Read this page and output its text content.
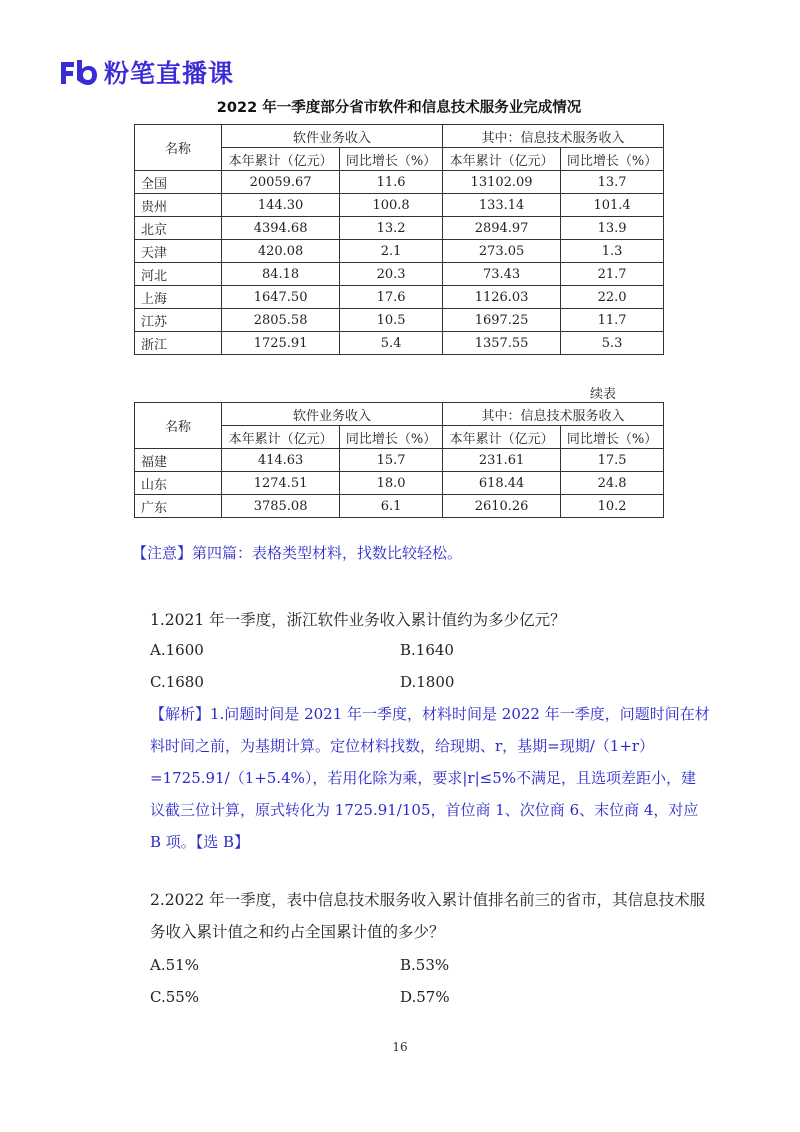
粉笔直播课
2022 年一季度部分省市软件和信息技术服务业完成情况
名称	软件业务收入		其中：信息技术服务收入	
	本年累计（亿元）	同比增长（%）	本年累计（亿元）	同比增长（%）
全国	20059.67	11.6	13102.09	13.7
贵州	144.30	100.8	133.14	101.4
北京	4394.68	13.2	2894.97	13.9
天津	420.08	2.1	273.05	1.3
河北	84.18	20.3	73.43	21.7
上海	1647.50	17.6	1126.03	22.0
江苏	2805.58	10.5	1697.25	11.7
浙江	1725.91	5.4	1357.55	5.3
续表
名称	软件业务收入		其中：信息技术服务收入	
	本年累计（亿元）	同比增长（%）	本年累计（亿元）	同比增长（%）
福建	414.63	15.7	231.61	17.5
山东	1274.51	18.0	618.44	24.8
广东	3785.08	6.1	2610.26	10.2
【注意】第四篇：表格类型材料，找数比较轻松。
1.2021 年一季度，浙江软件业务收入累计值约为多少亿元？
A.1600	B.1640
C.1680	D.1800
【解析】1.问题时间是 2021 年一季度，材料时间是 2022 年一季度，问题时间在材料时间之前，为基期计算。定位材料找数，给现期、r，基期=现期/（1+r）=1725.91/（1+5.4%），若用化除为乘，要求|r|≤5%不满足，且选项差距小，建议截三位计算，原式转化为 1725.91/105，首位商 1、次位商 6、末位商 4，对应 B 项。【选 B】
2.2022 年一季度，表中信息技术服务收入累计值排名前三的省市，其信息技术服务收入累计值之和约占全国累计值的多少？
A.51%	B.53%
C.55%	D.57%
16
